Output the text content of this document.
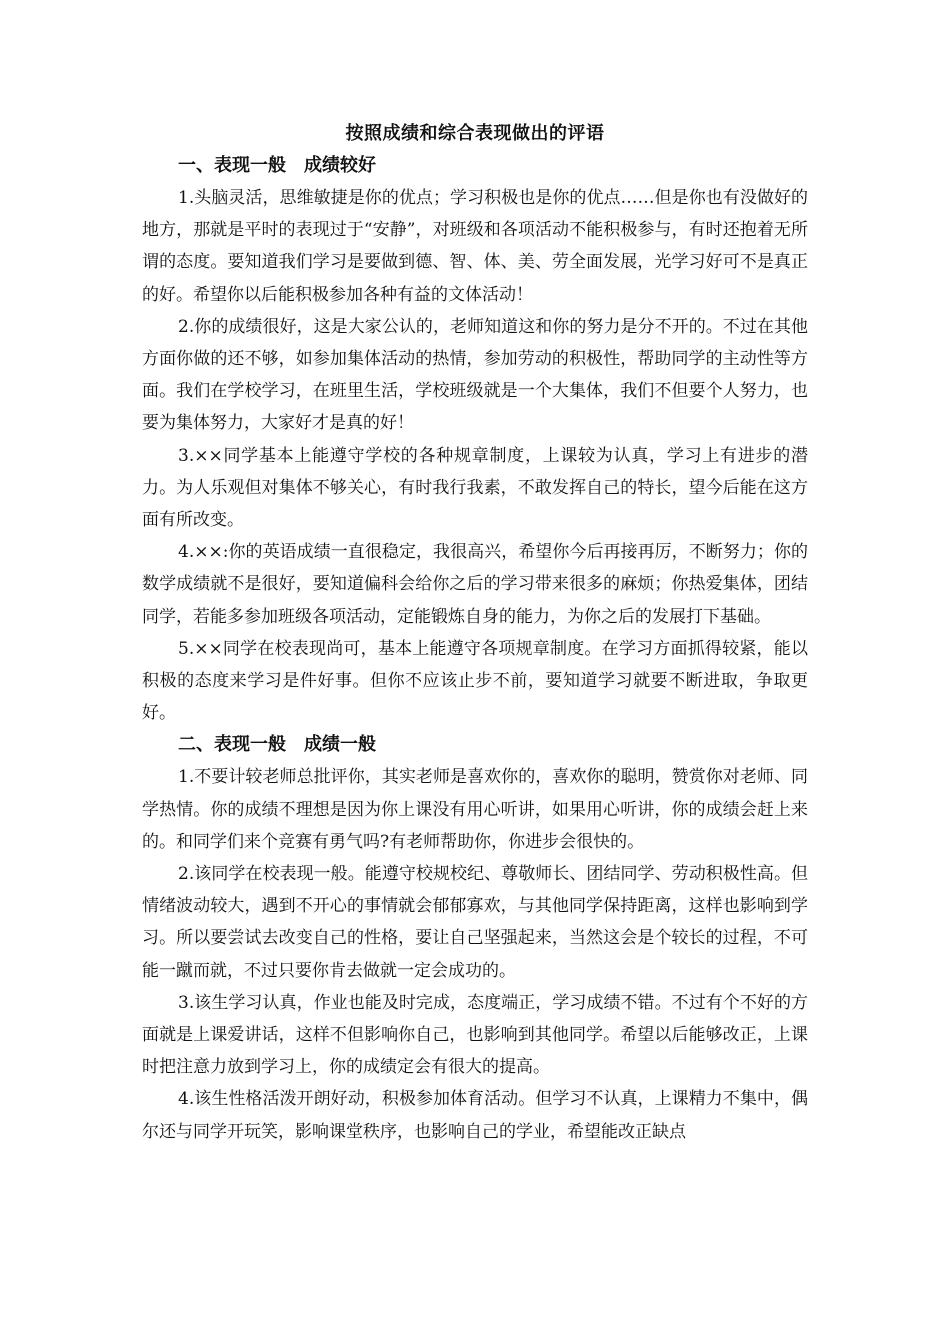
按照成绩和综合表现做出的评语
一、表现一般　成绩较好

1.头脑灵活，思维敏捷是你的优点；学习积极也是你的优点……但是你也有没做好的地方，那就是平时的表现过于“安静”，对班级和各项活动不能积极参与，有时还抱着无所谓的态度。要知道我们学习是要做到德、智、体、美、劳全面发展，光学习好可不是真正的好。希望你以后能积极参加各种有益的文体活动！

2.你的成绩很好，这是大家公认的，老师知道这和你的努力是分不开的。不过在其他方面你做的还不够，如参加集体活动的热情，参加劳动的积极性，帮助同学的主动性等方面。我们在学校学习，在班里生活，学校班级就是一个大集体，我们不但要个人努力，也要为集体努力，大家好才是真的好！

3.××同学基本上能遵守学校的各种规章制度，上课较为认真，学习上有进步的潜力。为人乐观但对集体不够关心，有时我行我素，不敢发挥自己的特长，望今后能在这方面有所改变。

4.××:你的英语成绩一直很稳定，我很高兴，希望你今后再接再厉，不断努力；你的数学成绩就不是很好，要知道偏科会给你之后的学习带来很多的麻烦；你热爱集体，团结同学，若能多参加班级各项活动，定能锻炼自身的能力，为你之后的发展打下基础。

5.××同学在校表现尚可，基本上能遵守各项规章制度。在学习方面抓得较紧，能以积极的态度来学习是件好事。但你不应该止步不前，要知道学习就要不断进取，争取更好。

二、表现一般　成绩一般

1.不要计较老师总批评你，其实老师是喜欢你的，喜欢你的聪明，赞赏你对老师、同学热情。你的成绩不理想是因为你上课没有用心听讲，如果用心听讲，你的成绩会赶上来的。和同学们来个竞赛有勇气吗?有老师帮助你，你进步会很快的。

2.该同学在校表现一般。能遵守校规校纪、尊敬师长、团结同学、劳动积极性高。但情绪波动较大，遇到不开心的事情就会郁郁寡欢，与其他同学保持距离，这样也影响到学习。所以要尝试去改变自己的性格，要让自己坚强起来，当然这会是个较长的过程，不可能一蹴而就，不过只要你肯去做就一定会成功的。

3.该生学习认真，作业也能及时完成，态度端正，学习成绩不错。不过有个不好的方面就是上课爱讲话，这样不但影响你自己，也影响到其他同学。希望以后能够改正，上课时把注意力放到学习上，你的成绩定会有很大的提高。

4.该生性格活泼开朗好动，积极参加体育活动。但学习不认真，上课精力不集中，偶尔还与同学开玩笑，影响课堂秩序，也影响自己的学业，希望能改正缺点
